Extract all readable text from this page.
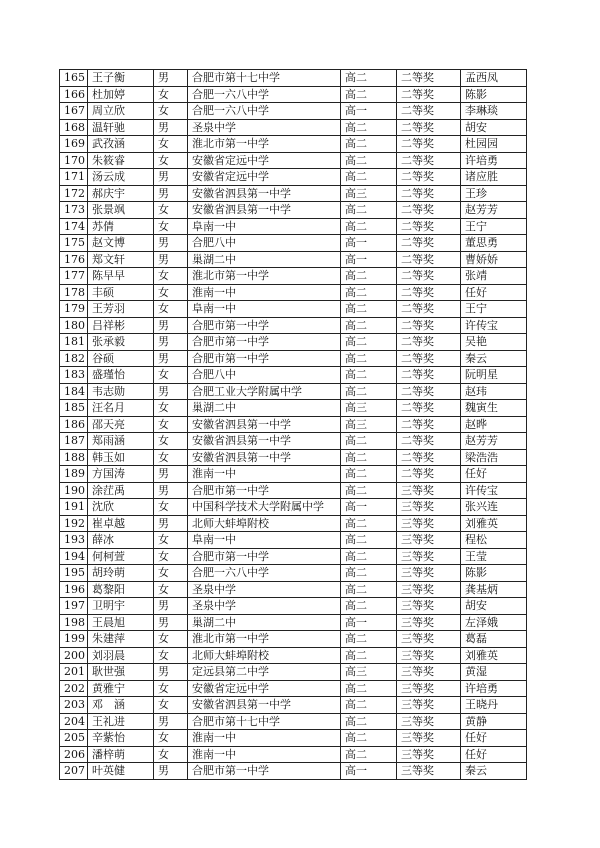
165	王子衡	男	合肥市第十七中学	高二	二等奖	孟西凤
166	杜加婷	女	合肥一六八中学	高二	二等奖	陈影
167	周立欣	女	合肥一六八中学	高一	二等奖	李琳琰
168	温轩驰	男	圣泉中学	高二	二等奖	胡安
169	武孜涵	女	淮北市第一中学	高二	二等奖	杜园园
170	朱筱睿	女	安徽省定远中学	高二	二等奖	许培勇
171	汤云成	男	安徽省定远中学	高二	二等奖	诸应胜
172	郝庆宇	男	安徽省泗县第一中学	高三	二等奖	王珍
173	张景飒	女	安徽省泗县第一中学	高二	二等奖	赵芳芳
174	苏倩	女	阜南一中	高二	二等奖	王宁
175	赵文博	男	合肥八中	高一	二等奖	董思勇
176	郑文轩	男	巢湖二中	高一	二等奖	曹娇娇
177	陈早早	女	淮北市第一中学	高二	二等奖	张靖
178	丰硕	女	淮南一中	高二	二等奖	任好
179	王芳羽	女	阜南一中	高二	二等奖	王宁
180	吕祥彬	男	合肥市第一中学	高二	二等奖	许传宝
181	张承毅	男	合肥市第一中学	高二	二等奖	吴艳
182	谷硕	男	合肥市第一中学	高二	二等奖	秦云
183	盛瑾怡	女	合肥八中	高二	二等奖	阮明星
184	韦志勋	男	合肥工业大学附属中学	高二	二等奖	赵玮
185	汪名月	女	巢湖二中	高三	二等奖	魏寅生
186	邵天亮	女	安徽省泗县第一中学	高三	二等奖	赵晔
187	郑雨涵	女	安徽省泗县第一中学	高二	二等奖	赵芳芳
188	韩玉如	女	安徽省泗县第一中学	高二	二等奖	梁浩浩
189	方国涛	男	淮南一中	高二	二等奖	任好
190	涂茳禹	男	合肥市第一中学	高二	三等奖	许传宝
191	沈欣	女	中国科学技术大学附属中学	高一	三等奖	张兴连
192	崔卓越	男	北师大蚌埠附校	高二	三等奖	刘雅英
193	薛冰	女	阜南一中	高二	三等奖	程松
194	何柯萱	女	合肥市第一中学	高二	三等奖	王莹
195	胡玲萌	女	合肥一六八中学	高二	三等奖	陈影
196	葛黎阳	女	圣泉中学	高二	三等奖	龚基炳
197	卫明宇	男	圣泉中学	高二	三等奖	胡安
198	王晨旭	男	巢湖二中	高一	三等奖	左泽娥
199	朱建萍	女	淮北市第一中学	高二	三等奖	葛磊
200	刘羽晨	女	北师大蚌埠附校	高二	三等奖	刘雅英
201	耿世强	男	定远县第二中学	高三	三等奖	黄湿
202	黄雅宁	女	安徽省定远中学	高二	三等奖	许培勇
203	邓　涵	女	安徽省泗县第一中学	高二	三等奖	王晓丹
204	王礼进	男	合肥市第十七中学	高二	三等奖	黄静
205	辛紫怡	女	淮南一中	高二	三等奖	任好
206	潘梓萌	女	淮南一中	高二	三等奖	任好
207	叶英健	男	合肥市第一中学	高一	三等奖	秦云
